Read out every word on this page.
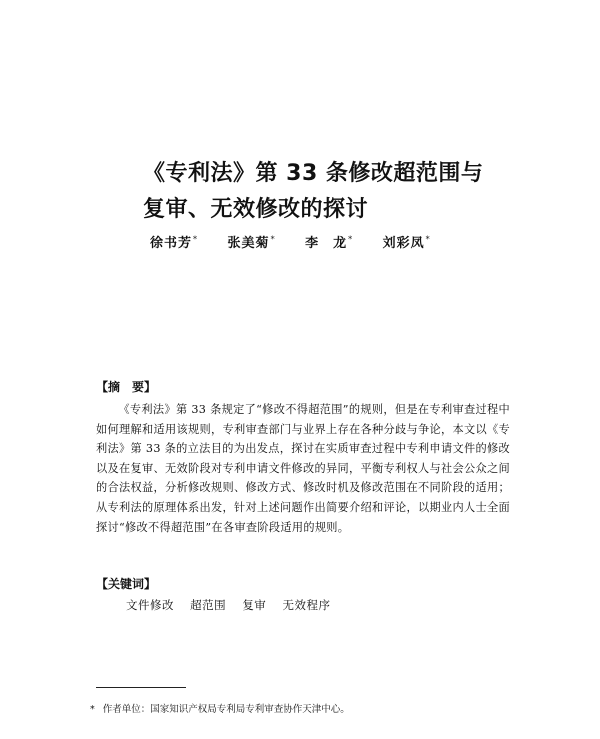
《专利法》第 33 条修改超范围与
复审、无效修改的探讨
徐书芳* 张美菊* 李　龙* 刘彩凤*
【摘　要】

《专利法》第 33 条规定了“修改不得超范围”的规则，但是在专利审查过程中如何理解和适用该规则，专利审查部门与业界上存在各种分歧与争论，本文以《专利法》第 33 条的立法目的为出发点，探讨在实质审查过程中专利申请文件的修改以及在复审、无效阶段对专利申请文件修改的异同，平衡专利权人与社会公众之间的合法权益，分析修改规则、修改方式、修改时机及修改范围在不同阶段的适用；从专利法的原理体系出发，针对上述问题作出简要介绍和评论，以期业内人士全面探讨“修改不得超范围”在各审查阶段适用的规则。

【关键词】
文件修改 超范围 复审 无效程序
* 作者单位：国家知识产权局专利局专利审查协作天津中心。
